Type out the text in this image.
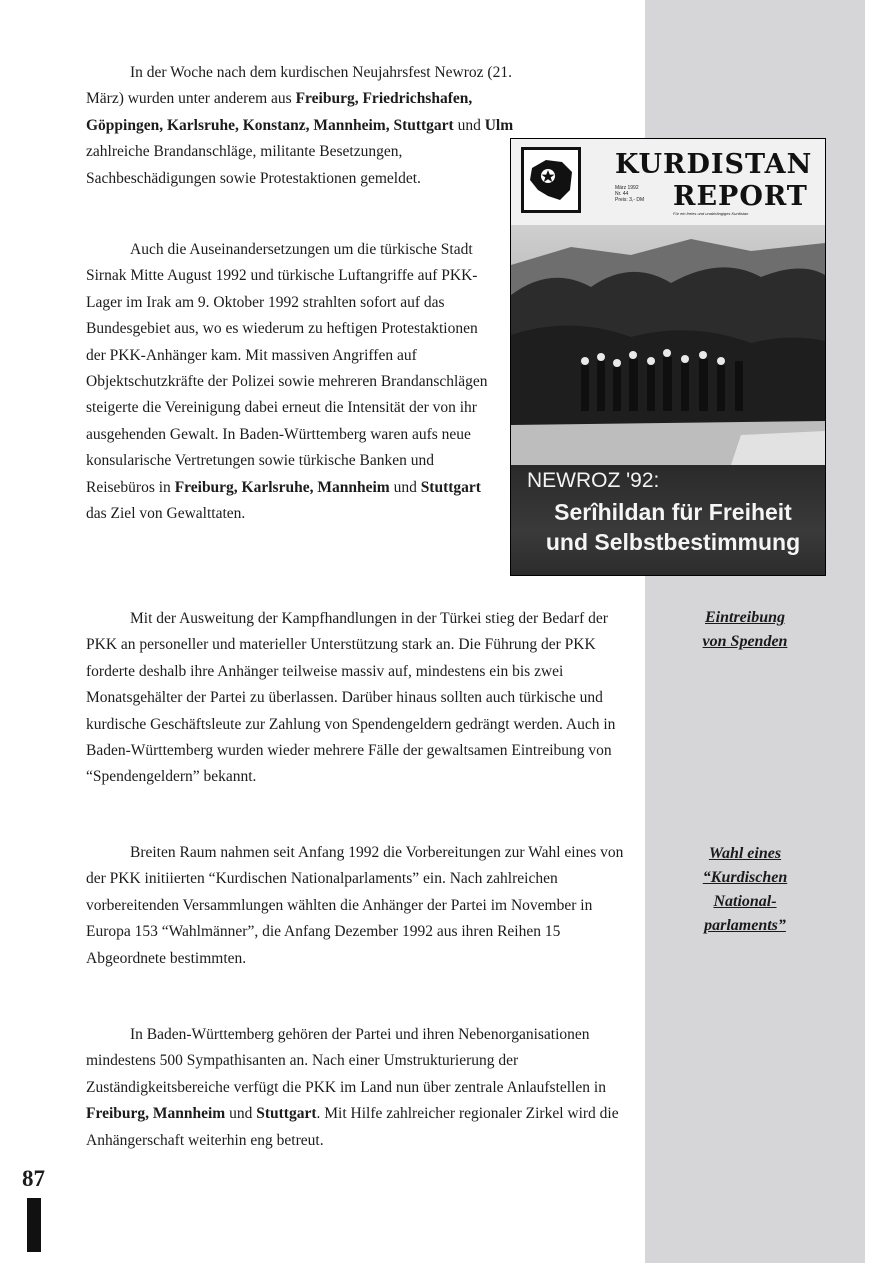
In der Woche nach dem kurdischen Neujahrsfest Newroz (21. März) wurden unter anderem aus Freiburg, Friedrichshafen, Göppingen, Karlsruhe, Konstanz, Mannheim, Stuttgart und Ulm zahlreiche Brandanschläge, militante Besetzungen, Sachbeschädigungen sowie Protestaktionen gemeldet.

Auch die Auseinandersetzungen um die türkische Stadt Sirnak Mitte August 1992 und türkische Luftangriffe auf PKK-Lager im Irak am 9. Oktober 1992 strahlten sofort auf das Bundesgebiet aus, wo es wiederum zu heftigen Protestaktionen der PKK-Anhänger kam. Mit massiven Angriffen auf Objektschutzkräfte der Polizei sowie mehreren Brandanschlägen steigerte die Vereinigung dabei erneut die Intensität der von ihr ausgehenden Gewalt. In Baden-Württemberg waren aufs neue konsularische Vertretungen sowie türkische Banken und Reisebüros in Freiburg, Karlsruhe, Mannheim und Stuttgart das Ziel von Gewalttaten.

Mit der Ausweitung der Kampfhandlungen in der Türkei stieg der Bedarf der PKK an personeller und materieller Unterstützung stark an. Die Führung der PKK forderte deshalb ihre Anhänger teilweise massiv auf, mindestens ein bis zwei Monatsgehälter der Partei zu überlassen. Darüber hinaus sollten auch türkische und kurdische Geschäftsleute zur Zahlung von Spendengeldern gedrängt werden. Auch in Baden-Württemberg wurden wieder mehrere Fälle der gewaltsamen Eintreibung von “Spendengeldern” bekannt.

Breiten Raum nahmen seit Anfang 1992 die Vorbereitungen zur Wahl eines von der PKK initiierten “Kurdischen Nationalparlaments” ein. Nach zahlreichen vorbereitenden Versammlungen wählten die Anhänger der Partei im November in Europa 153 “Wahlmänner”, die Anfang Dezember 1992 aus ihren Reihen 15 Abgeordnete bestimmten.

In Baden-Württemberg gehören der Partei und ihren Nebenorganisationen mindestens 500 Sympathisanten an. Nach einer Umstrukturierung der Zuständigkeitsbereiche verfügt die PKK im Land nun über zentrale Anlaufstellen in Freiburg, Mannheim und Stuttgart. Mit Hilfe zahlreicher regionaler Zirkel wird die Anhängerschaft weiterhin eng betreut.

Eintreibung
von Spenden
Wahl eines
“Kurdischen
National-
parlaments”
KURDISTAN
März 1992
Nr. 44
Preis: 3,- DM REPORT
Für ein freies und unabhängiges Kurdistan
NEWROZ '92:
Serîhildan für Freiheit
und Selbstbestimmung
87
